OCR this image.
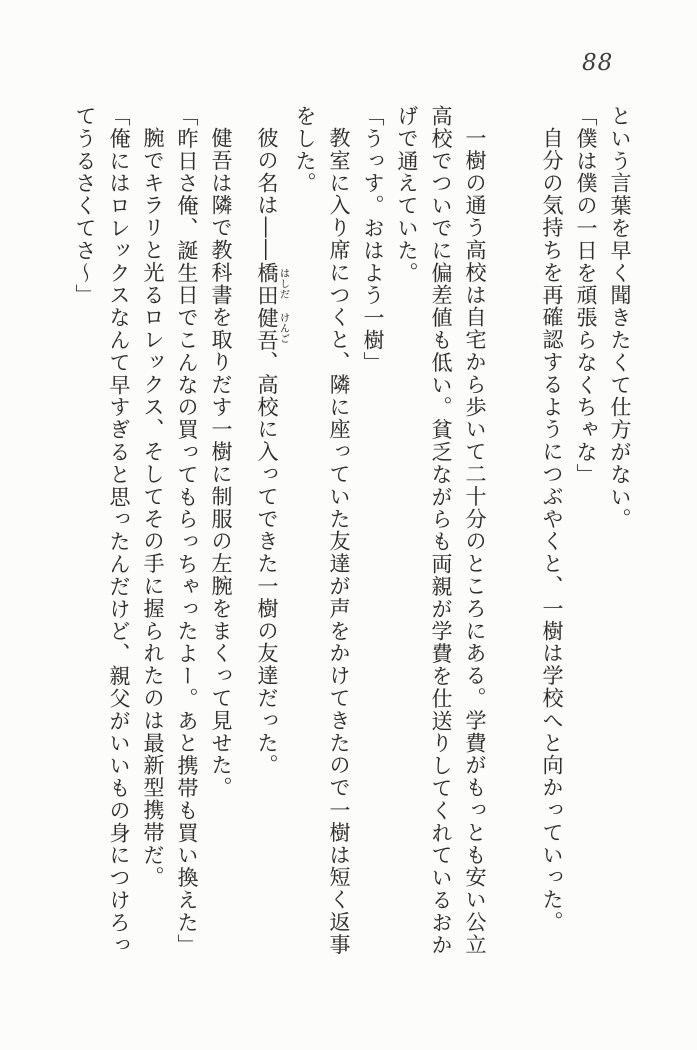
88

という言葉を早く聞きたくて仕方がない。

「僕は僕の一日を頑張らなくちゃな」

自分の気持ちを再確認するようにつぶやくと、一樹は学校へと向かっていった。

一樹の通う高校は自宅から歩いて二十分のところにある。学費がもっとも安い公立

高校でついでに偏差値も低い。貧乏ながらも両親が学費を仕送りしてくれているおか

げで通えていた。

「うっす。おはよう一樹」

教室に入り席につくと、隣に座っていた友達が声をかけてきたので一樹は短く返事

をした。

彼の名は――橋田はしだ健吾けんご、高校に入ってできた一樹の友達だった。

健吾は隣で教科書を取りだす一樹に制服の左腕をまくって見せた。

「昨日さ俺、誕生日でこんなの買ってもらっちゃったよー。あと携帯も買い換えた」

腕でキラリと光るロレックス、そしてその手に握られたのは最新型携帯だ。

「俺にはロレックスなんて早すぎると思ったんだけど、親父がいいもの身につけろっ

てうるさくてさ〜」
